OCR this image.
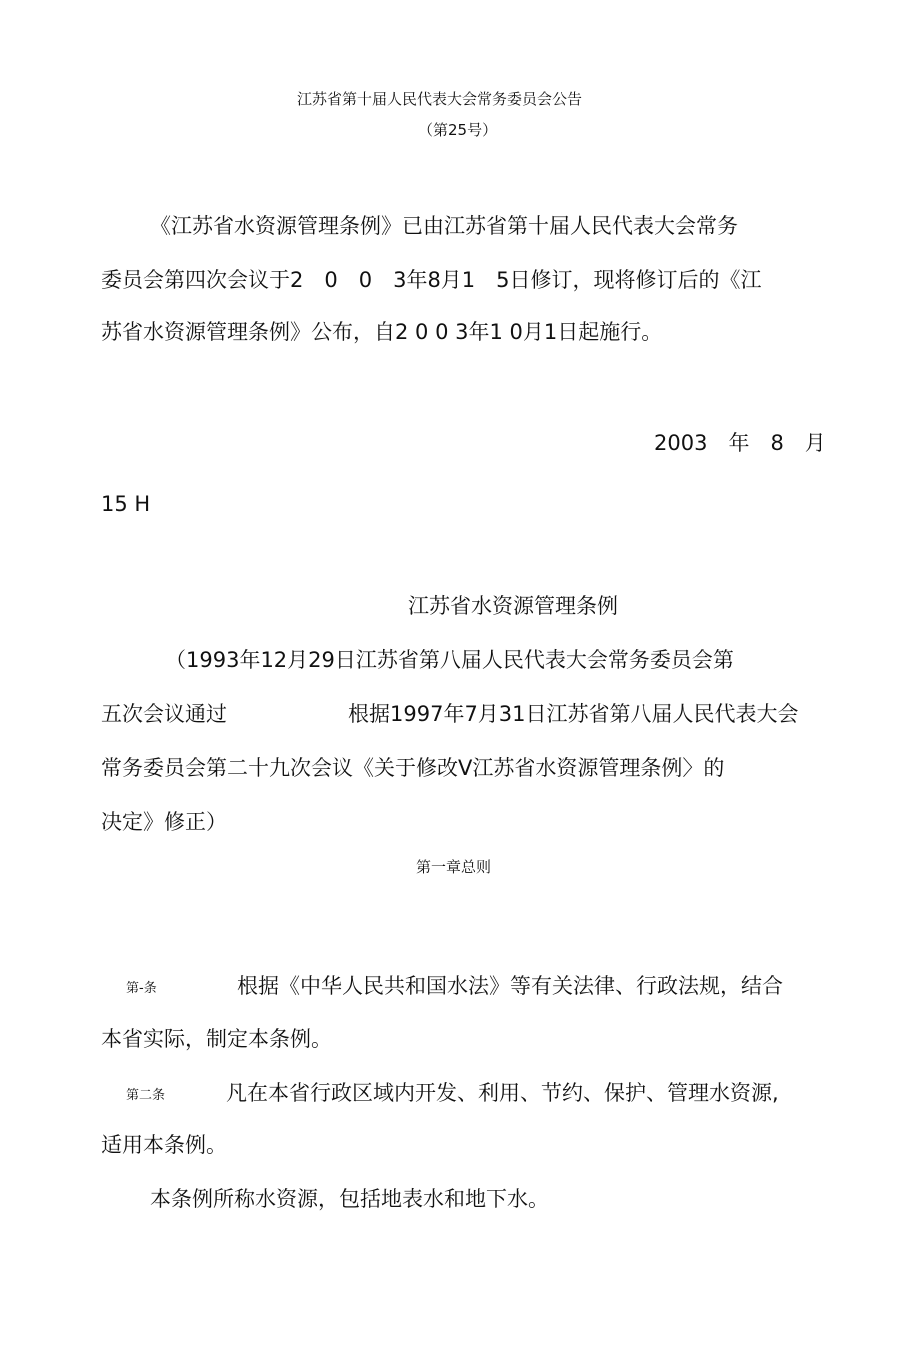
江苏省第十届人民代表大会常务委员会公告
（第25号）
《江苏省水资源管理条例》已由江苏省第十届人民代表大会常务
委员会第四次会议于2　0　0　3年8月1　5日修订，现将修订后的《江
苏省水资源管理条例》公布，自2 0 0 3年1 0月1日起施行。
2003　年　8　月
15 H
江苏省水资源管理条例
（1993年12月29日江苏省第八届人民代表大会常务委员会第
五次会议通过	根据1997年7月31日江苏省第八届人民代表大会
常务委员会第二十九次会议《关于修改V江苏省水资源管理条例〉的
决定》修正）
第一章总则
第-条	根据《中华人民共和国水法》等有关法律、行政法规，结合
本省实际，制定本条例。
第二条	凡在本省行政区域内开发、利用、节约、保护、管理水资源,
适用本条例。
本条例所称水资源，包括地表水和地下水。
